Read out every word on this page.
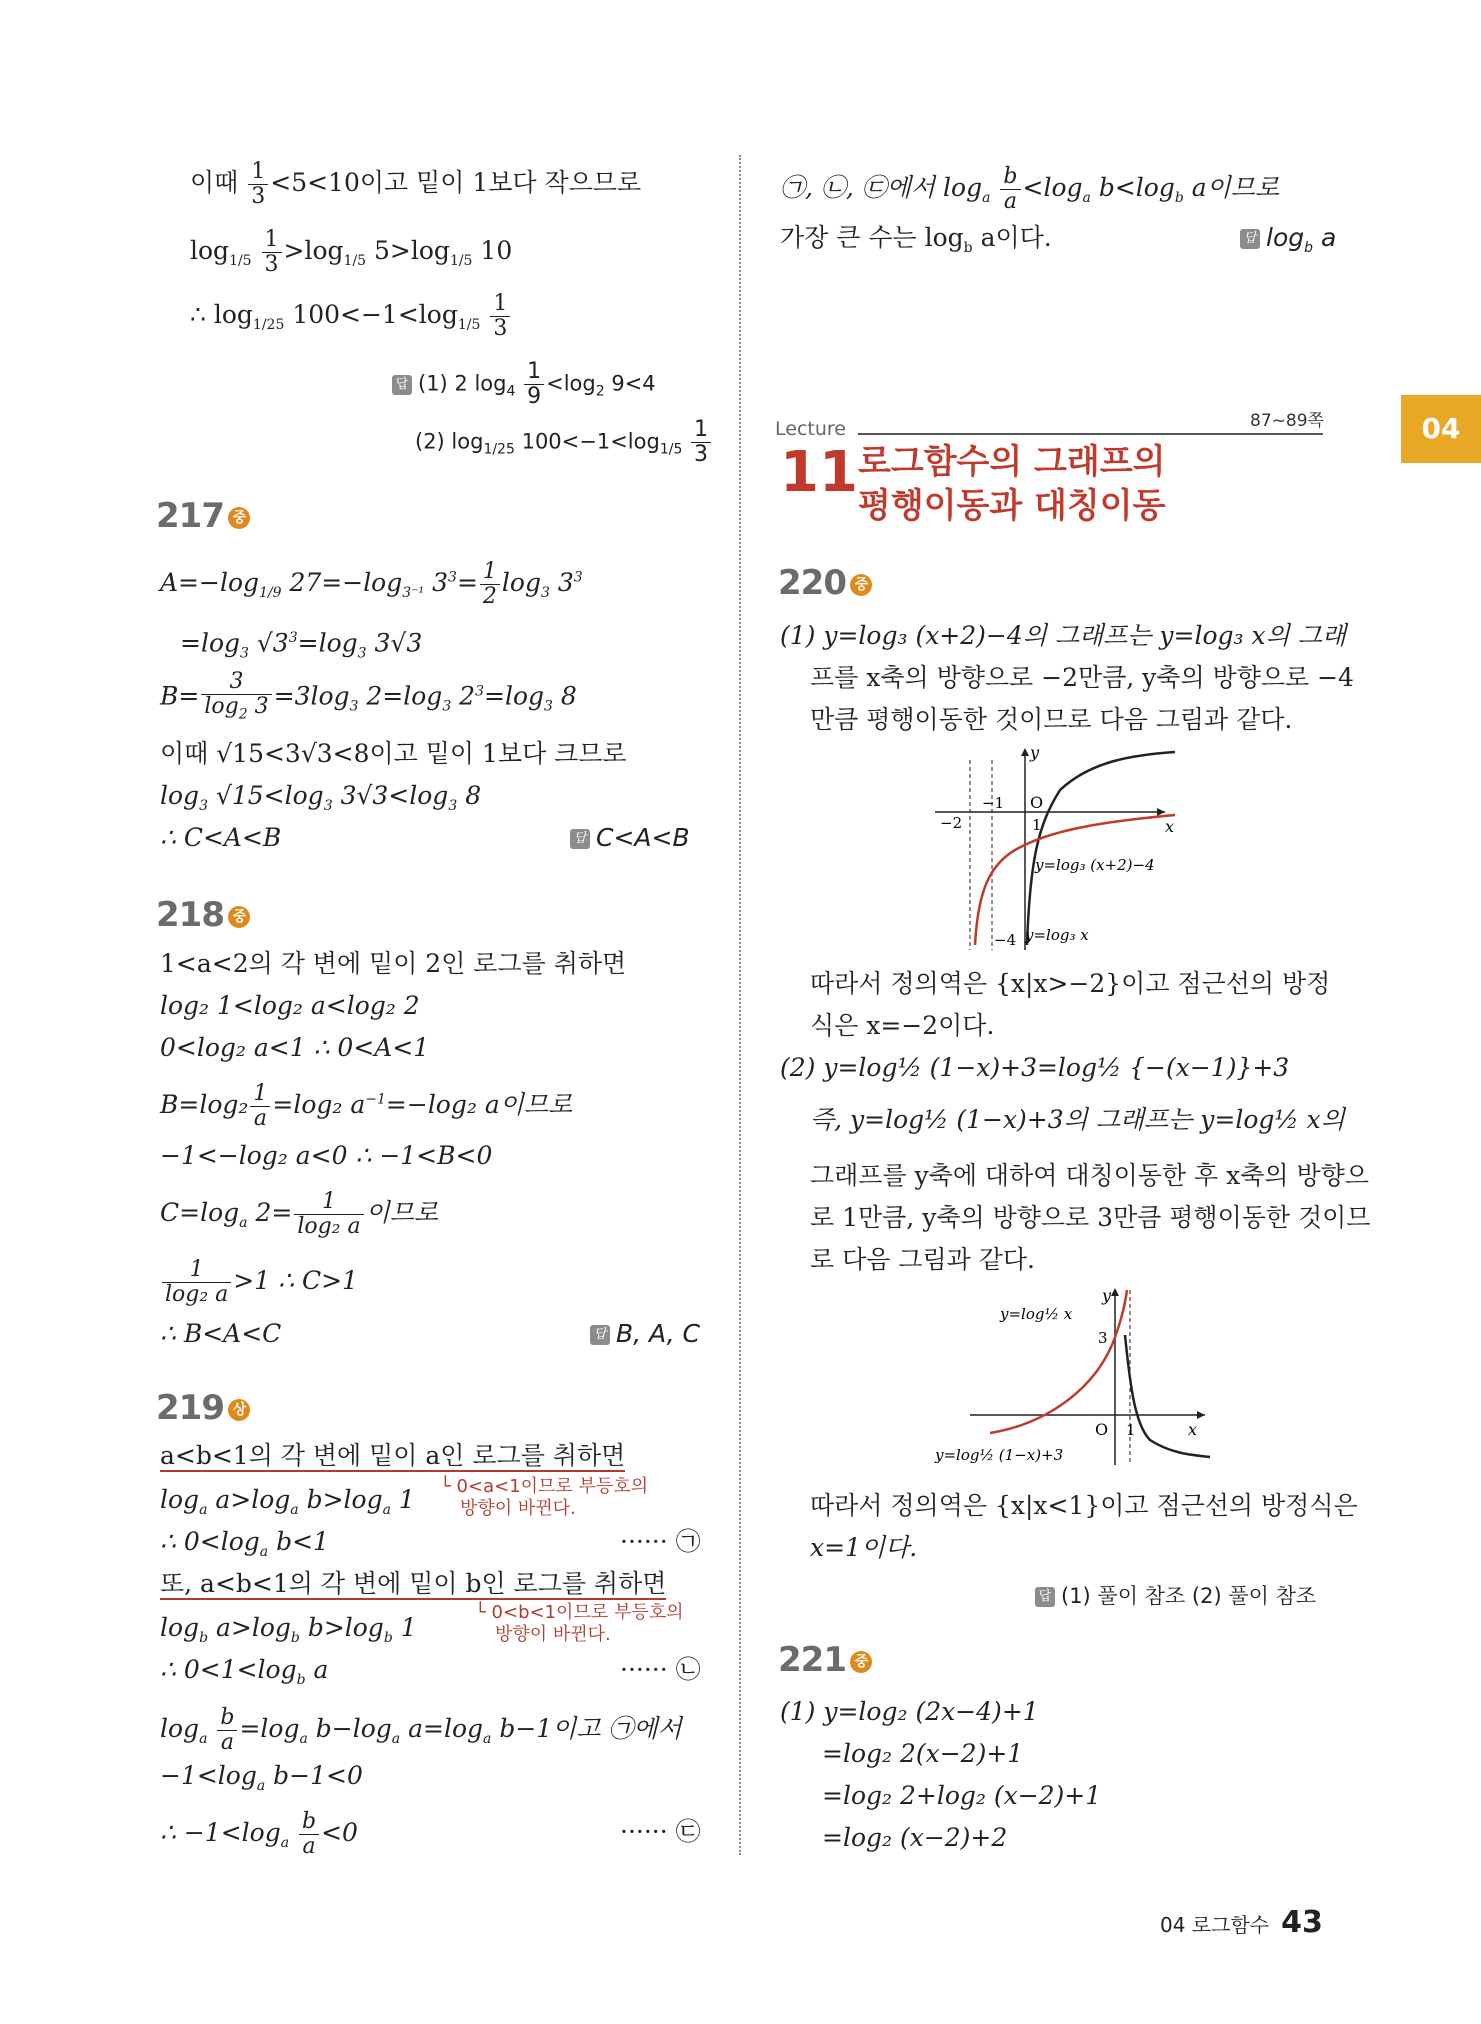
04
이때 $\frac{1}{3} <5<10$이고 밑이 1보다 작으므로
$\log_{1/5} \frac{1}{3} >\log_{1/5}$ $5>\log_{1/5}$ 10
∴ $\log_{1/25} 100<-1<\log_{1/5} \frac{1}{3}$
답 (1) 2 $\log_4 \frac{1}{9} <\log_2$ 9<4
(2) $\log_{1/25} 100<-1<\log_{1/5} \frac{1}{3}$
217 중
$A=-\log_{1/9}$ $27=-\log_{3^{-1}}$ $3^3= \frac{1}{2} \log_3 3^3$
$=\log_3$ $√3^3=\log_3$ 3√3
$B= \frac{3}{\log_2 3} =3\log_3$ $2=\log_3$ $2^3=\log_3$ 8
이때 √15<3√3<8이고 밑이 1보다 크므로
$\log_3 √15<\log_3$ $3√3<\log_3$ 8
∴ C<A<B	답 C<A<B
218 중
1<a<2의 각 변에 밑이 2인 로그를 취하면
log₂ 1<log₂ a<log₂ 2
0<log₂ a<1 ∴ 0<A<1
$B=\log_2 \frac{1}{a} =\log_2$ $a^{-1}=-\log_2$ a이므로
−1<−log₂ a<0 ∴ −1<B<0
$C=\log_a$ $2= \frac{1}{\text{log₂ a}}$ 이므로
$\frac{1}{\text{log₂ a}} >1$ ∴ C>1
∴ B<A<C	답 B, A, C
219 상
a<b<1의 각 변에 밑이 a인 로그를 취하면
$\log_a a>\log_a$ $b>\log_a$ 1 └ 0<a<1이므로 부등호의
방향이 바뀐다.
∴ $0<\log_a$ b<1	······ ㉠
또, a<b<1의 각 변에 밑이 b인 로그를 취하면
$\log_b a>\log_b$ $b>\log_b$ 1
└ 0<b<1이므로 부등호의
방향이 바뀐다.
∴ $0<1<\log_b$ a	······ ㉡
$\log_a \frac{b}{a} =\log_a$ $b-\log_a$ $a=\log_a$ b−1이고 ㉠에서
$-1<\log_a$ b−1<0
∴ $-1<\log_a \frac{b}{a} <0$	······ ㉢
㉠, ㉡, ㉢에서 $\log_a \frac{b}{a} <\log_a$ $b<\log_b$ a이므로
가장 큰 수는 $\log_b a$이다.	답 $\log_b a$
Lecture	87~89쪽
11 로그함수의 그래프의
평행이동과 대칭이동
220 중
(1) y=log₃ (x+2)−4의 그래프는 y=log₃ x의 그래
프를 x축의 방향으로 −2만큼, y축의 방향으로 −4
만큼 평행이동한 것이므로 다음 그림과 같다.
y
x
O
−2
−1
1
−4
y=log₃ (x+2)−4
y=log₃ x
따라서 정의역은 {x|x>−2}이고 점근선의 방정
식은 x=−2이다.
(2) y=log½ (1−x)+3=log½ {−(x−1)}+3
즉, y=log½ (1−x)+3의 그래프는 y=log½ x의
그래프를 y축에 대하여 대칭이동한 후 x축의 방향으
로 1만큼, y축의 방향으로 3만큼 평행이동한 것이므
로 다음 그림과 같다.
y
x
O 1
3
y=log½ x
y=log½ (1−x)+3
따라서 정의역은 {x|x<1}이고 점근선의 방정식은
x=1이다.
답 (1) 풀이 참조 (2) 풀이 참조
221 중
(1) y=log₂ (2x−4)+1
=log₂ 2(x−2)+1
=log₂ 2+log₂ (x−2)+1
=log₂ (x−2)+2
04 로그함수 43
